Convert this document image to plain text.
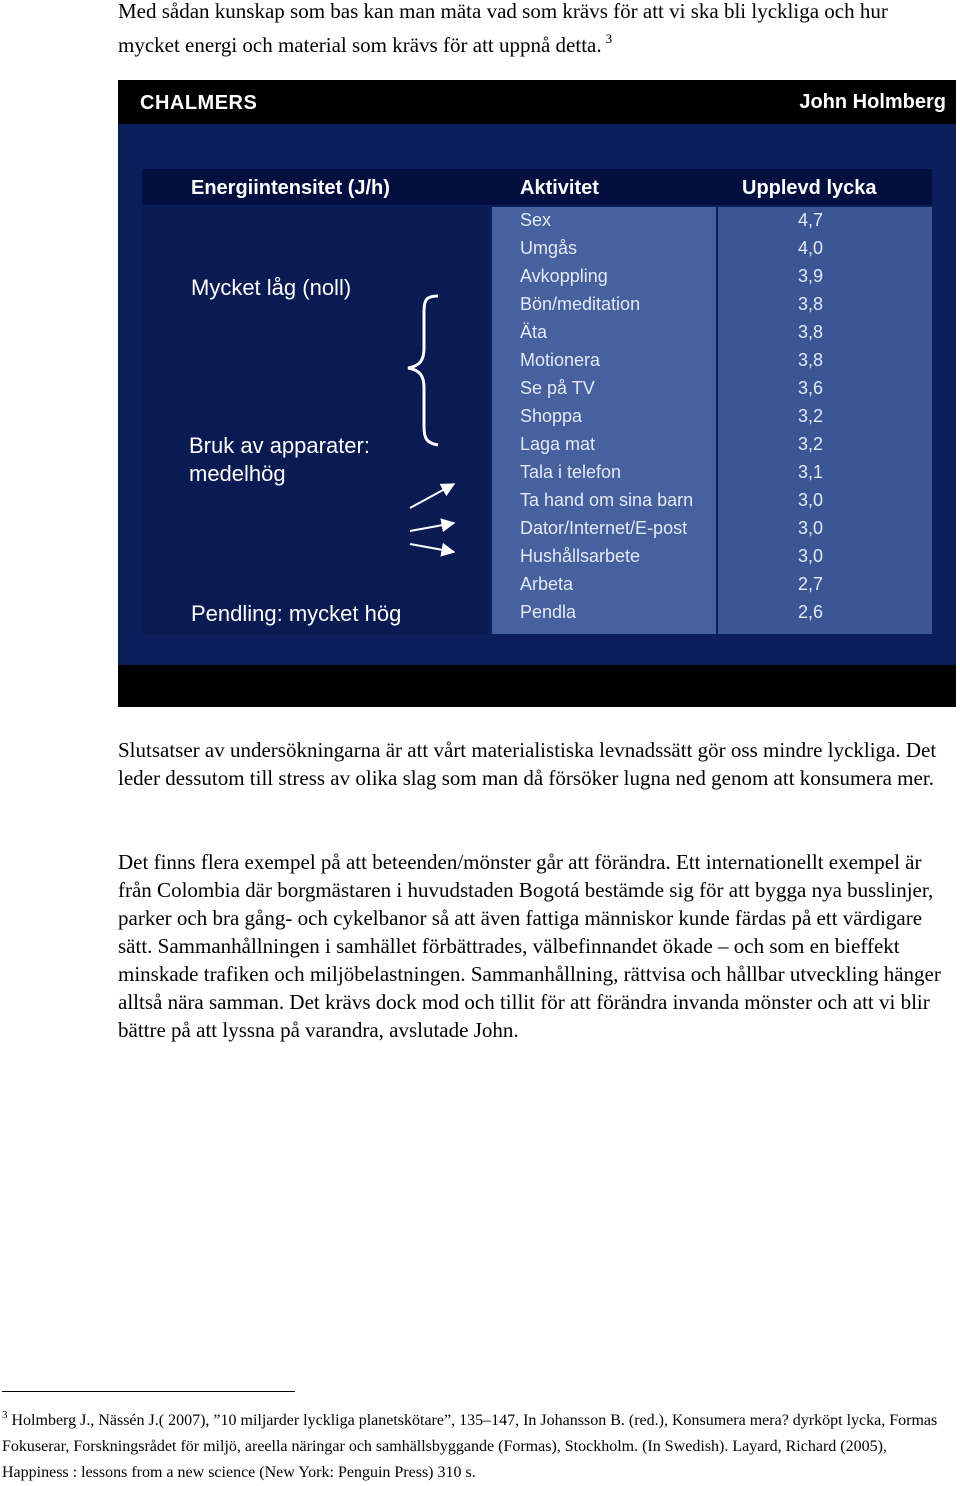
Med sådan kunskap som bas kan man mäta vad som krävs för att vi ska bli lyckliga och hur mycket energi och material som krävs för att uppnå detta. $^3$

CHALMERS	John Holmberg
Energiintensitet (J/h)	Aktivitet	Upplevd lycka
Mycket låg (noll)
Bruk av apparater:
medelhög
Pendling: mycket hög
Sex	4,7
Umgås	4,0
Avkoppling	3,9
Bön/meditation	3,8
Äta	3,8
Motionera	3,8
Se på TV	3,6
Shoppa	3,2
Laga mat	3,2
Tala i telefon	3,1
Ta hand om sina barn	3,0
Dator/Internet/E-post	3,0
Hushållsarbete	3,0
Arbeta	2,7
Pendla	2,6

Slutsatser av undersökningarna är att vårt materialistiska levnadssätt gör oss mindre lyckliga. Det leder dessutom till stress av olika slag som man då försöker lugna ned genom att konsumera mer.

Det finns flera exempel på att beteenden/mönster går att förändra. Ett internationellt exempel är från Colombia där borgmästaren i huvudstaden Bogotá bestämde sig för att bygga nya busslinjer, parker och bra gång- och cykelbanor så att även fattiga människor kunde färdas på ett värdigare sätt. Sammanhållningen i samhället förbättrades, välbefinnandet ökade – och som en bieffekt minskade trafiken och miljöbelastningen. Sammanhållning, rättvisa och hållbar utveckling hänger alltså nära samman. Det krävs dock mod och tillit för att förändra invanda mönster och att vi blir bättre på att lyssna på varandra, avslutade John.

$^3$ Holmberg J., Nässén J.( 2007), ”10 miljarder lyckliga planetskötare”, 135–147, In Johansson B. (red.), Konsumera mera? dyrköpt lycka, Formas Fokuserar, Forskningsrådet för miljö, areella näringar och samhällsbyggande (Formas), Stockholm. (In Swedish). Layard, Richard (2005), Happiness : lessons from a new science (New York: Penguin Press) 310 s.
